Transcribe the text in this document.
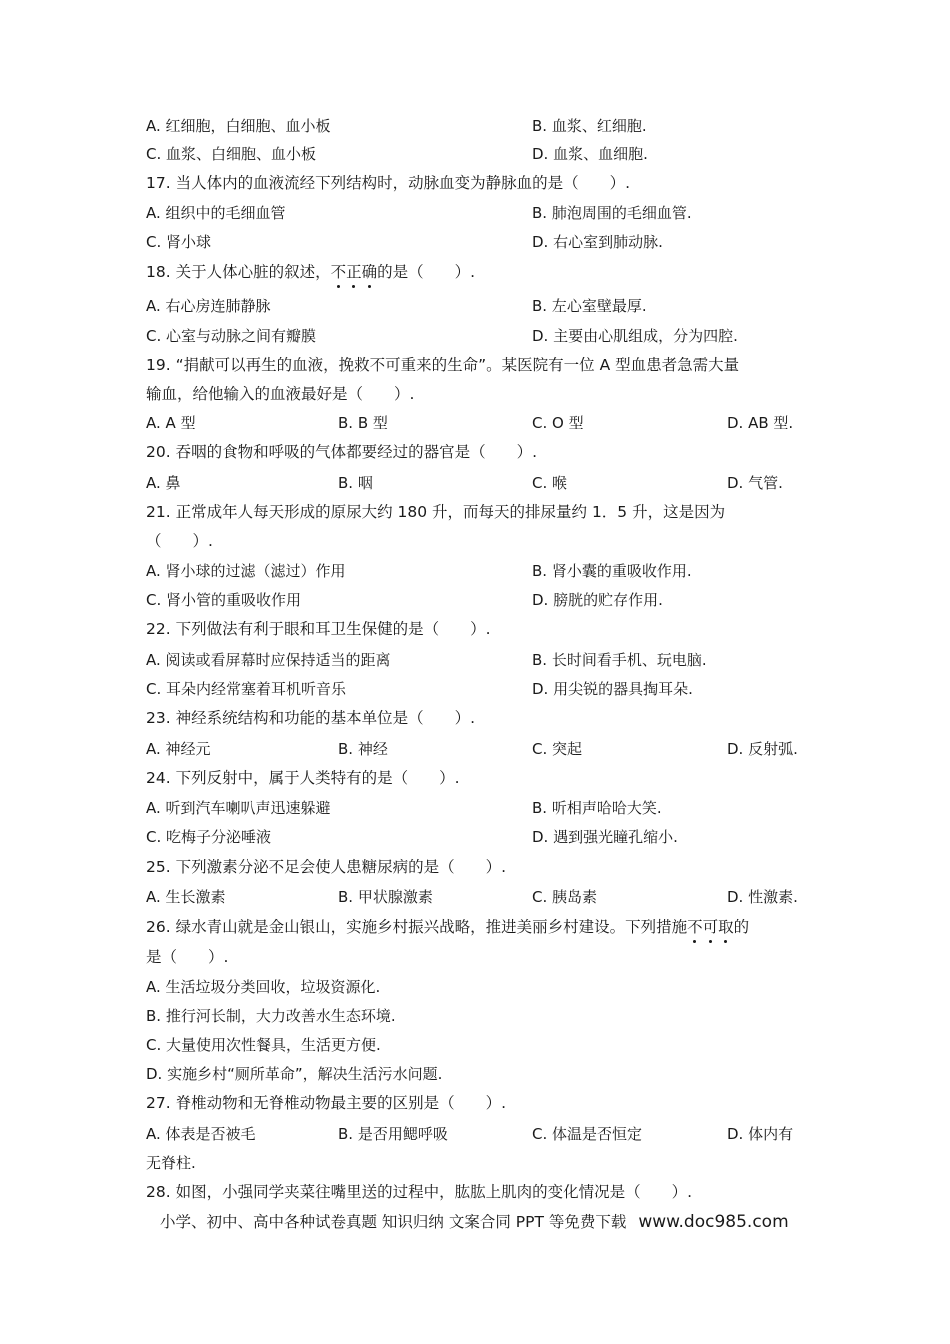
A. 红细胞，白细胞、血小板	B. 血浆、红细胞.
C. 血浆、白细胞、血小板	D. 血浆、血细胞.
17. 当人体内的血液流经下列结构时，动脉血变为静脉血的是（　　）.
A. 组织中的毛细血管	B. 肺泡周围的毛细血管.
C. 肾小球	D. 右心室到肺动脉.
18. 关于人体心脏的叙述，不正确的是（　　）.
A. 右心房连肺静脉	B. 左心室壁最厚.
C. 心室与动脉之间有瓣膜	D. 主要由心肌组成，分为四腔.
19. “捐献可以再生的血液，挽救不可重来的生命”。某医院有一位 A 型血患者急需大量
输血，给他输入的血液最好是（　　）.
A. A 型	B. B 型	C. O 型	D. AB 型.
20. 吞咽的食物和呼吸的气体都要经过的器官是（　　）.
A. 鼻	B. 咽	C. 喉	D. 气管.
21. 正常成年人每天形成的原尿大约 180 升，而每天的排尿量约 1．5 升，这是因为
（　　）.
A. 肾小球的过滤（滤过）作用	B. 肾小囊的重吸收作用.
C. 肾小管的重吸收作用	D. 膀胱的贮存作用.
22. 下列做法有利于眼和耳卫生保健的是（　　）.
A. 阅读或看屏幕时应保持适当的距离	B. 长时间看手机、玩电脑.
C. 耳朵内经常塞着耳机听音乐	D. 用尖锐的器具掏耳朵.
23. 神经系统结构和功能的基本单位是（　　）.
A. 神经元	B. 神经	C. 突起	D. 反射弧.
24. 下列反射中，属于人类特有的是（　　）.
A. 听到汽车喇叭声迅速躲避	B. 听相声哈哈大笑.
C. 吃梅子分泌唾液	D. 遇到强光瞳孔缩小.
25. 下列激素分泌不足会使人患糖尿病的是（　　）.
A. 生长激素	B. 甲状腺激素	C. 胰岛素	D. 性激素.
26. 绿水青山就是金山银山，实施乡村振兴战略，推进美丽乡村建设。下列措施不可取的
是（　　）.
A. 生活垃圾分类回收，垃圾资源化.
B. 推行河长制，大力改善水生态环境.
C. 大量使用次性餐具，生活更方便.
D. 实施乡村“厕所革命”，解决生活污水问题.
27. 脊椎动物和无脊椎动物最主要的区别是（　　）.
A. 体表是否被毛	B. 是否用鳃呼吸	C. 体温是否恒定	D. 体内有
无脊柱.
28. 如图，小强同学夹菜往嘴里送的过程中，肱肱上肌肉的变化情况是（　　）.
小学、初中、高中各种试卷真题 知识归纳 文案合同 PPT 等免费下载 www.doc985.com
